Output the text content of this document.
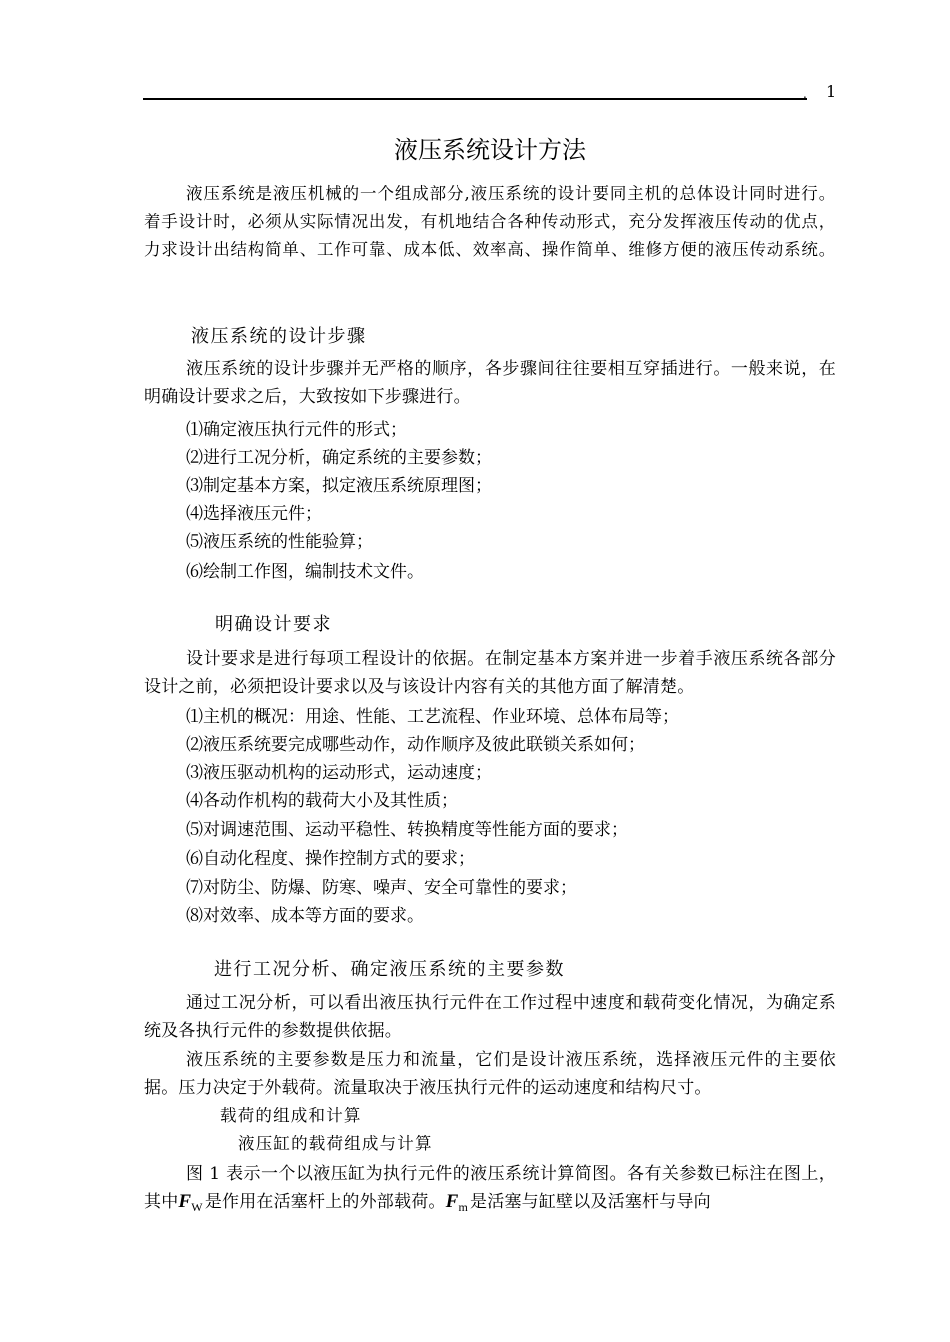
. 1
液压系统设计方法
液压系统是液压机械的一个组成部分,液压系统的设计要同主机的总体设计同时进行。着手设计时，必须从实际情况出发，有机地结合各种传动形式，充分发挥液压传动的优点，力求设计出结构简单、工作可靠、成本低、效率高、操作简单、维修方便的液压传动系统。
液压系统的设计步骤
液压系统的设计步骤并无严格的顺序，各步骤间往往要相互穿插进行。一般来说，在明确设计要求之后，大致按如下步骤进行。
⑴确定液压执行元件的形式；
⑵进行工况分析，确定系统的主要参数；
⑶制定基本方案，拟定液压系统原理图；
⑷选择液压元件；
⑸液压系统的性能验算；
⑹绘制工作图，编制技术文件。
明确设计要求
设计要求是进行每项工程设计的依据。在制定基本方案并进一步着手液压系统各部分设计之前，必须把设计要求以及与该设计内容有关的其他方面了解清楚。
⑴主机的概况：用途、性能、工艺流程、作业环境、总体布局等；
⑵液压系统要完成哪些动作，动作顺序及彼此联锁关系如何；
⑶液压驱动机构的运动形式，运动速度；
⑷各动作机构的载荷大小及其性质；
⑸对调速范围、运动平稳性、转换精度等性能方面的要求；
⑹自动化程度、操作控制方式的要求；
⑺对防尘、防爆、防寒、噪声、安全可靠性的要求；
⑻对效率、成本等方面的要求。
进行工况分析、确定液压系统的主要参数
通过工况分析，可以看出液压执行元件在工作过程中速度和载荷变化情况，为确定系统及各执行元件的参数提供依据。
液压系统的主要参数是压力和流量，它们是设计液压系统，选择液压元件的主要依据。压力决定于外载荷。流量取决于液压执行元件的运动速度和结构尺寸。
载荷的组成和计算
液压缸的载荷组成与计算
图 1 表示一个以液压缸为执行元件的液压系统计算简图。各有关参数已标注在图上，其中$F_W$ 是作用在活塞杆上的外部载荷。$F_m$ 是活塞与缸壁以及活塞杆与导向
